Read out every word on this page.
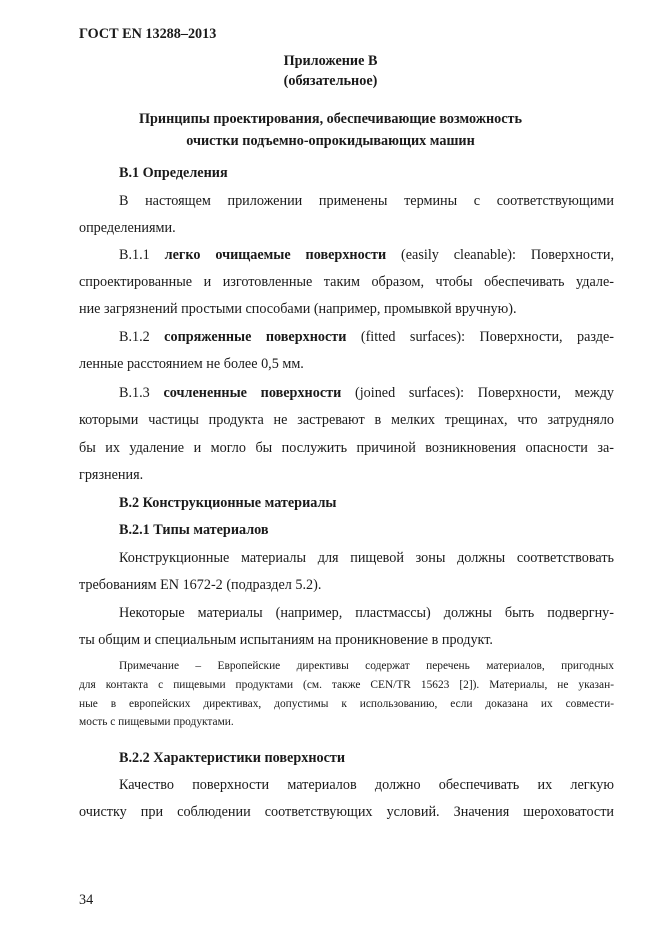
ГОСТ EN 13288–2013
Приложение В
(обязательное)
Принципы проектирования, обеспечивающие возможность
очистки подъемно-опрокидывающих машин
В.1 Определения
В настоящем приложении применены термины с соответствующими
определениями.
В.1.1 легко очищаемые поверхности (easily cleanable): Поверхности,
спроектированные и изготовленные таким образом, чтобы обеспечивать удале-
ние загрязнений простыми способами (например, промывкой вручную).
В.1.2 сопряженные поверхности (fitted surfaces): Поверхности, разде-
ленные расстоянием не более 0,5 мм.
В.1.3 сочлененные поверхности (joined surfaces): Поверхности, между
которыми частицы продукта не застревают в мелких трещинах, что затрудняло
бы их удаление и могло бы послужить причиной возникновения опасности за-
грязнения.
В.2 Конструкционные материалы
В.2.1 Типы материалов
Конструкционные материалы для пищевой зоны должны соответствовать
требованиям EN 1672-2 (подраздел 5.2).
Некоторые материалы (например, пластмассы) должны быть подвергну-
ты общим и специальным испытаниям на проникновение в продукт.
Примечание – Европейские директивы содержат перечень материалов, пригодных
для контакта с пищевыми продуктами (см. также CEN/TR 15623 [2]). Материалы, не указан-
ные в европейских директивах, допустимы к использованию, если доказана их совмести-
мость с пищевыми продуктами.
В.2.2 Характеристики поверхности
Качество поверхности материалов должно обеспечивать их легкую
очистку при соблюдении соответствующих условий. Значения шероховатости
34
